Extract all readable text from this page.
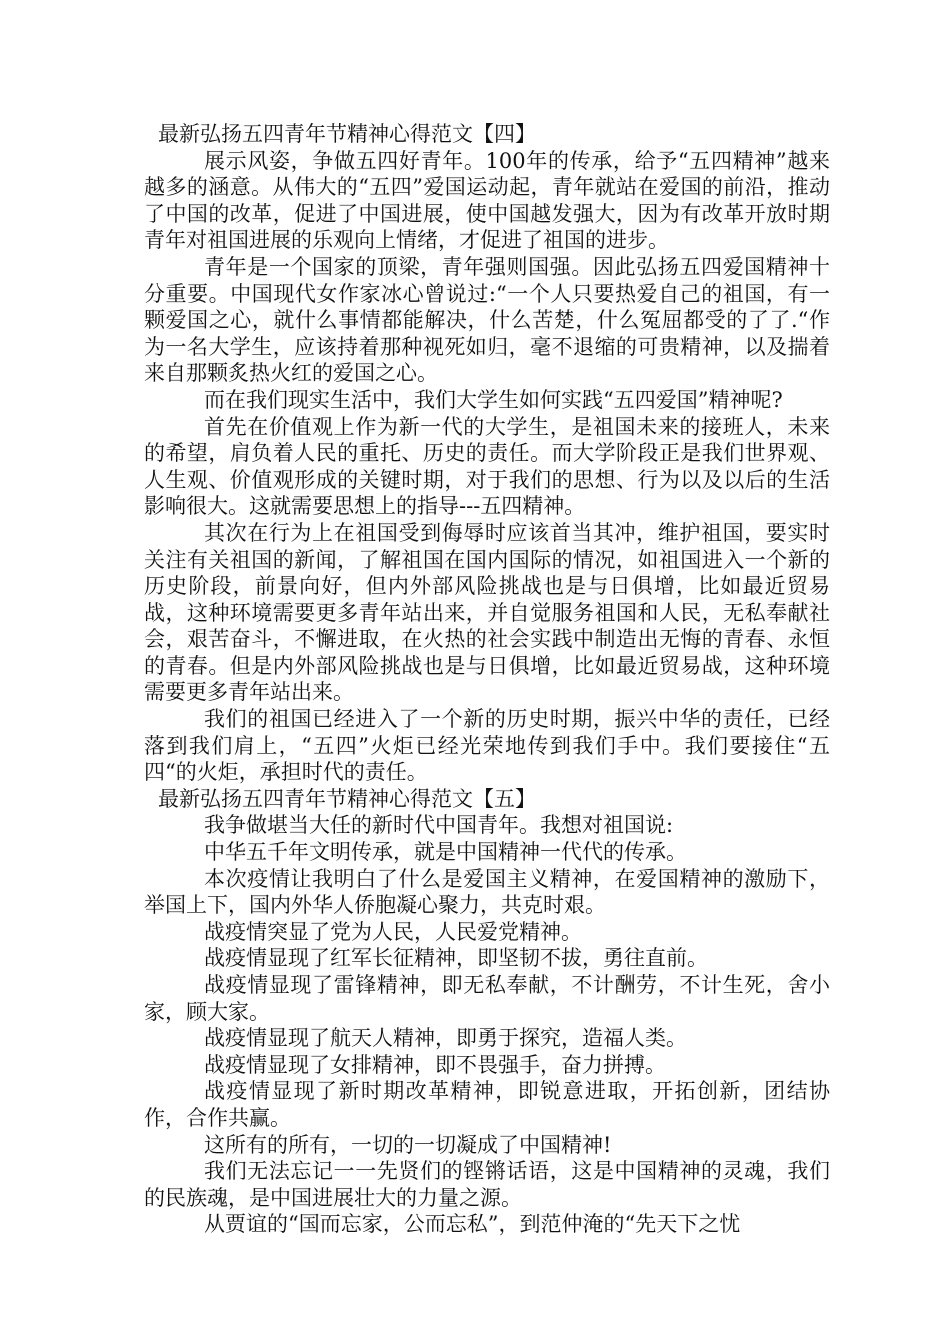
最新弘扬五四青年节精神心得范文【四】

展示风姿，争做五四好青年。100年的传承，给予“五四精神”越来越多的涵意。从伟大的“五四”爱国运动起，青年就站在爱国的前沿，推动了中国的改革，促进了中国进展，使中国越发强大，因为有改革开放时期青年对祖国进展的乐观向上情绪，才促进了祖国的进步。

青年是一个国家的顶梁，青年强则国强。因此弘扬五四爱国精神十分重要。中国现代女作家冰心曾说过:“一个人只要热爱自己的祖国，有一颗爱国之心，就什么事情都能解决，什么苦楚，什么冤屈都受的了了.“作为一名大学生，应该持着那种视死如归，毫不退缩的可贵精神，以及揣着来自那颗炙热火红的爱国之心。

而在我们现实生活中，我们大学生如何实践“五四爱国”精神呢?

首先在价值观上作为新一代的大学生，是祖国未来的接班人，未来的希望，肩负着人民的重托、历史的责任。而大学阶段正是我们世界观、人生观、价值观形成的关键时期，对于我们的思想、行为以及以后的生活影响很大。这就需要思想上的指导---五四精神。

其次在行为上在祖国受到侮辱时应该首当其冲，维护祖国，要实时关注有关祖国的新闻，了解祖国在国内国际的情况，如祖国进入一个新的历史阶段，前景向好，但内外部风险挑战也是与日俱增，比如最近贸易战，这种环境需要更多青年站出来，并自觉服务祖国和人民，无私奉献社会，艰苦奋斗，不懈进取，在火热的社会实践中制造出无悔的青春、永恒的青春。但是内外部风险挑战也是与日俱增，比如最近贸易战，这种环境需要更多青年站出来。

我们的祖国已经进入了一个新的历史时期，振兴中华的责任，已经落到我们肩上，“五四”火炬已经光荣地传到我们手中。我们要接住“五四“的火炬，承担时代的责任。

最新弘扬五四青年节精神心得范文【五】

我争做堪当大任的新时代中国青年。我想对祖国说:

中华五千年文明传承，就是中国精神一代代的传承。

本次疫情让我明白了什么是爱国主义精神，在爱国精神的激励下，举国上下，国内外华人侨胞凝心聚力，共克时艰。

战疫情突显了党为人民，人民爱党精神。

战疫情显现了红军长征精神，即坚韧不拔，勇往直前。

战疫情显现了雷锋精神，即无私奉献，不计酬劳，不计生死，舍小家，顾大家。

战疫情显现了航天人精神，即勇于探究，造福人类。

战疫情显现了女排精神，即不畏强手，奋力拼搏。

战疫情显现了新时期改革精神，即锐意进取，开拓创新，团结协作，合作共赢。

这所有的所有，一切的一切凝成了中国精神!

我们无法忘记一一先贤们的铿锵话语，这是中国精神的灵魂，我们的民族魂，是中国进展壮大的力量之源。

从贾谊的“国而忘家，公而忘私”，到范仲淹的“先天下之忧
